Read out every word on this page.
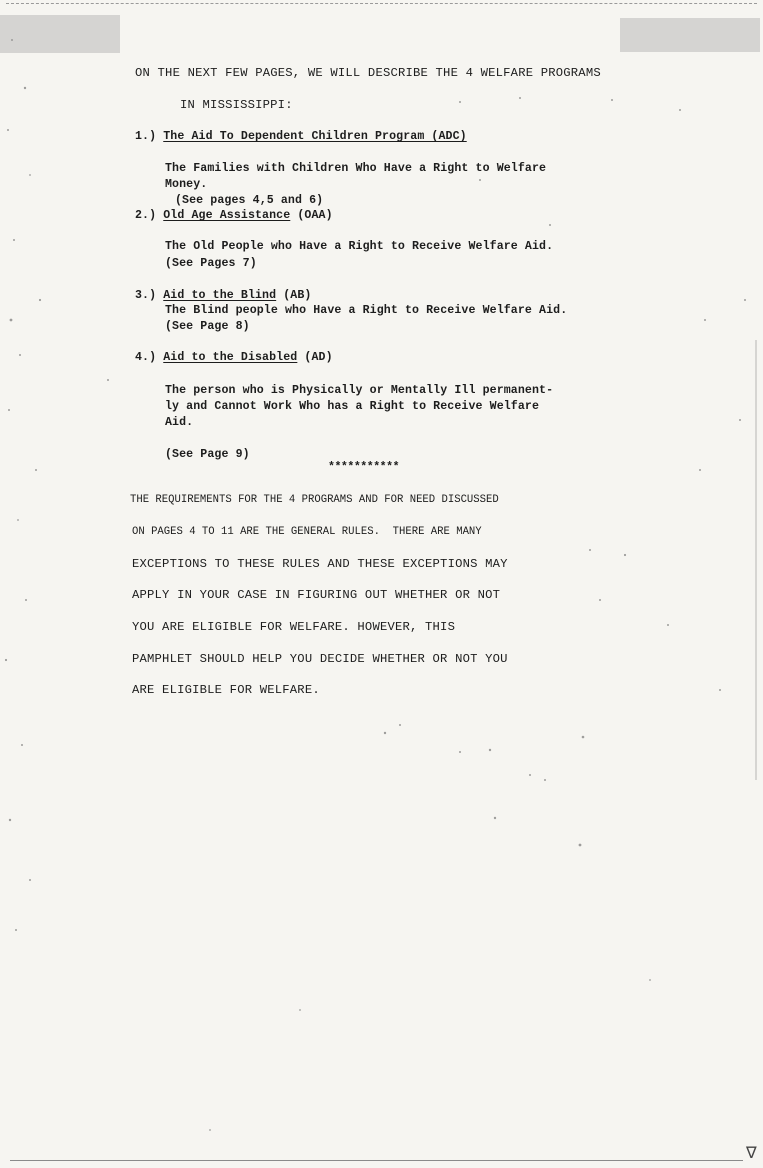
ON THE NEXT FEW PAGES, WE WILL DESCRIBE THE 4 WELFARE PROGRAMS
IN MISSISSIPPI:
1.) The Aid To Dependent Children Program (ADC)
The Families with Children Who Have a Right to Welfare
Money.
(See pages 4,5 and 6)
2.) Old Age Assistance (OAA)
The Old People who Have a Right to Receive Welfare Aid.
(See Pages 7)
3.) Aid to the Blind (AB)
The Blind people who Have a Right to Receive Welfare Aid.
(See Page 8)
4.) Aid to the Disabled (AD)
The person who is Physically or Mentally Ill permanent-
ly and Cannot Work Who has a Right to Receive Welfare
Aid.
(See Page 9)
***********
THE REQUIREMENTS FOR THE 4 PROGRAMS AND FOR NEED DISCUSSED
ON PAGES 4 TO 11 ARE THE GENERAL RULES.  THERE ARE MANY
EXCEPTIONS TO THESE RULES AND THESE EXCEPTIONS MAY
APPLY IN YOUR CASE IN FIGURING OUT WHETHER OR NOT
YOU ARE ELIGIBLE FOR WELFARE. HOWEVER, THIS
PAMPHLET SHOULD HELP YOU DECIDE WHETHER OR NOT YOU
ARE ELIGIBLE FOR WELFARE.
∇
